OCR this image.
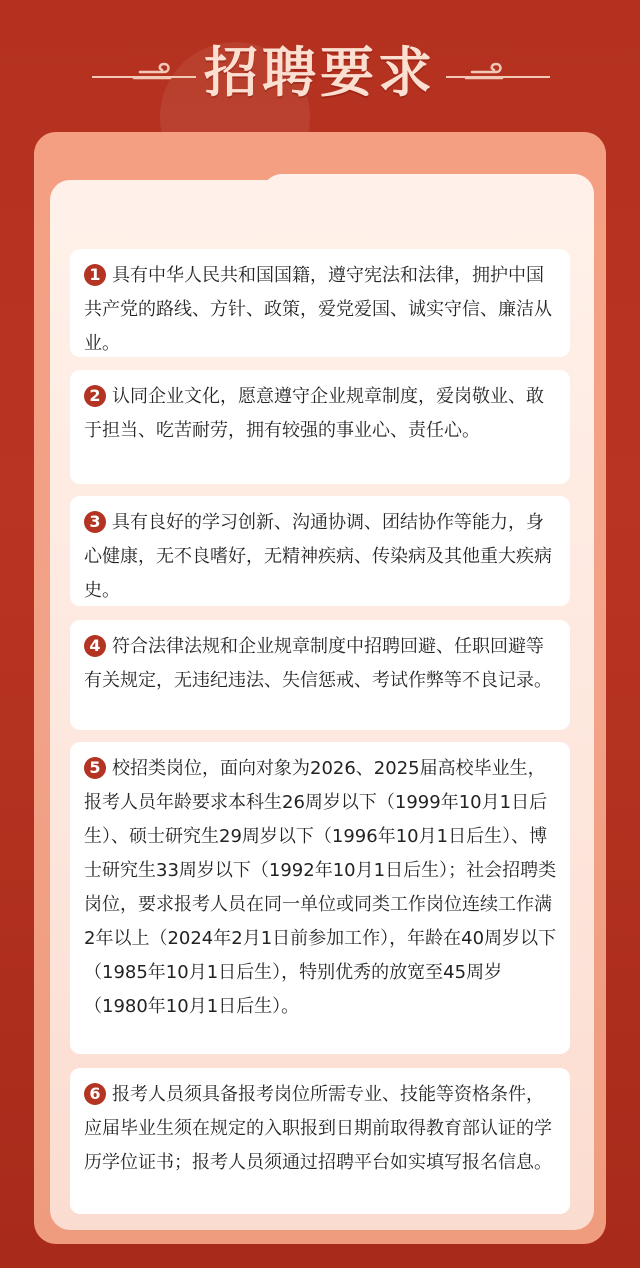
招聘要求
1 具有中华人民共和国国籍，遵守宪法和法律，拥护中国共产党的路线、方针、政策，爱党爱国、诚实守信、廉洁从业。
2 认同企业文化，愿意遵守企业规章制度，爱岗敬业、敢于担当、吃苦耐劳，拥有较强的事业心、责任心。
3 具有良好的学习创新、沟通协调、团结协作等能力，身心健康，无不良嗜好，无精神疾病、传染病及其他重大疾病史。
4 符合法律法规和企业规章制度中招聘回避、任职回避等有关规定，无违纪违法、失信惩戒、考试作弊等不良记录。
5 校招类岗位，面向对象为2026、2025届高校毕业生，报考人员年龄要求本科生26周岁以下（1999年10月1日后生）、硕士研究生29周岁以下（1996年10月1日后生）、博士研究生33周岁以下（1992年10月1日后生）；社会招聘类岗位，要求报考人员在同一单位或同类工作岗位连续工作满2年以上（2024年2月1日前参加工作），年龄在40周岁以下（1985年10月1日后生），特别优秀的放宽至45周岁（1980年10月1日后生）。
6 报考人员须具备报考岗位所需专业、技能等资格条件，应届毕业生须在规定的入职报到日期前取得教育部认证的学历学位证书；报考人员须通过招聘平台如实填写报名信息。
